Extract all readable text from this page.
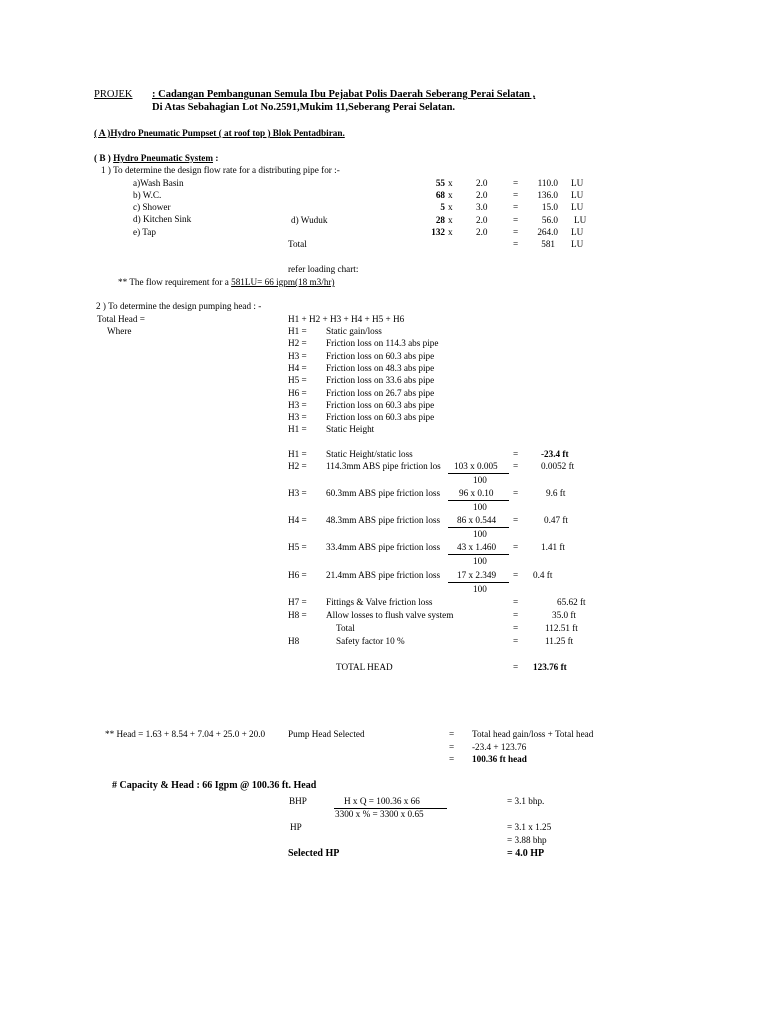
PROJEK : Cadangan Pembangunan Semula Ibu Pejabat Polis Daerah Seberang Perai Selatan ,
Di Atas Sebahagian Lot No.2591,Mukim 11,Seberang Perai Selatan.
( A )Hydro Pneumatic Pumpset ( at roof top ) Blok Pentadbiran.
( B ) Hydro Pneumatic System :
1 ) To determine the design flow rate for a distributing pipe for :-
a)Wash Basin	55 x	2.0	=	110.0 LU
b) W.C.	68 x	2.0	=	136.0 LU
c) Shower	5 x	3.0	=	15.0 LU
d) Kitchen Sink	d) Wuduk	28 x	2.0	=	56.0 LU
e) Tap	132 x	2.0	=	264.0 LU
Total	=	581 LU
refer loading chart:
** The flow requirement for a 581LU= 66 igpm(18 m3/hr)
2 ) To determine the design pumping head : -
Total Head =	H1 + H2 + H3 + H4 + H5 + H6
Where	H1 = Static gain/loss
H2 = Friction loss on 114.3 abs pipe
H3 = Friction loss on 60.3 abs pipe
H4 = Friction loss on 48.3 abs pipe
H5 = Friction loss on 33.6 abs pipe
H6 = Friction loss on 26.7 abs pipe
H3 = Friction loss on 60.3 abs pipe
H3 = Friction loss on 60.3 abs pipe
H1 = Static Height
H1 = Static Height/static loss	= -23.4 ft
H2 = 114.3mm ABS pipe friction los 103 x 0.005 = 0.0052 ft
100
H3 = 60.3mm ABS pipe friction loss 96 x 0.10 =	9.6 ft
100
H4 = 48.3mm ABS pipe friction loss 86 x 0.544 =	0.47 ft
100
H5 = 33.4mm ABS pipe friction loss 43 x 1.460 = 1.41 ft
100
H6 = 21.4mm ABS pipe friction loss 17 x 2.349 = 0.4 ft
100
H7 = Fittings & Valve friction loss	=	65.62 ft
H8 = Allow losses to flush valve system	=	35.0 ft
Total	=	112.51 ft
H8	Safety factor 10 %	=	11.25 ft
TOTAL HEAD	= 123.76 ft
** Head = 1.63 + 8.54 + 7.04 + 25.0 + 20.0 Pump Head Selected	= Total head gain/loss + Total head
= -23.4 + 123.76
= 100.36 ft head
# Capacity & Head : 66 Igpm @ 100.36 ft. Head
BHP	H x Q = 100.36 x 66
3300 x % = 3300 x 0.65
= 3.1 bhp.
HP	= 3.1 x 1.25
= 3.88 bhp
Selected HP	= 4.0 HP
